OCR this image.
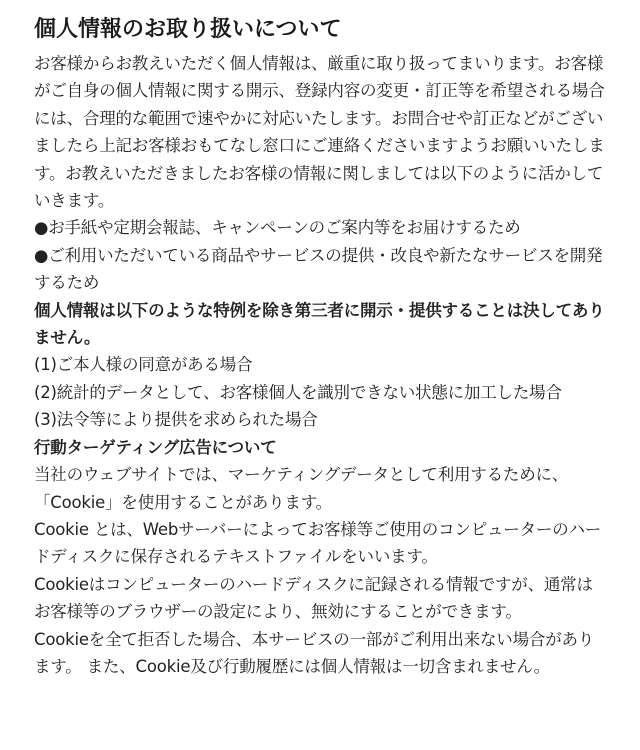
個人情報のお取り扱いについて

お客様からお教えいただく個人情報は、厳重に取り扱ってまいります。お客様がご自身の個人情報に関する開示、登録内容の変更・訂正等を希望される場合には、合理的な範囲で速やかに対応いたします。お問合せや訂正などがございましたら上記お客様おもてなし窓口にご連絡くださいますようお願いいたします。お教えいただきましたお客様の情報に関しましては以下のように活かしていきます。

●お手紙や定期会報誌、キャンペーンのご案内等をお届けするため

●ご利用いただいている商品やサービスの提供・改良や新たなサービスを開発するため

個人情報は以下のような特例を除き第三者に開示・提供することは決してありません。

(1)ご本人様の同意がある場合

(2)統計的データとして、お客様個人を識別できない状態に加工した場合

(3)法令等により提供を求められた場合

行動ターゲティング広告について

当社のウェブサイトでは、マーケティングデータとして利用するために、「Cookie」を使用することがあります。

Cookie とは、Webサーバーによってお客様等ご使用のコンピューターのハードディスクに保存されるテキストファイルをいいます。

Cookieはコンピューターのハードディスクに記録される情報ですが、通常はお客様等のブラウザーの設定により、無効にすることができます。

Cookieを全て拒否した場合、本サービスの一部がご利用出来ない場合があります。 また、Cookie及び行動履歴には個人情報は一切含まれません。
